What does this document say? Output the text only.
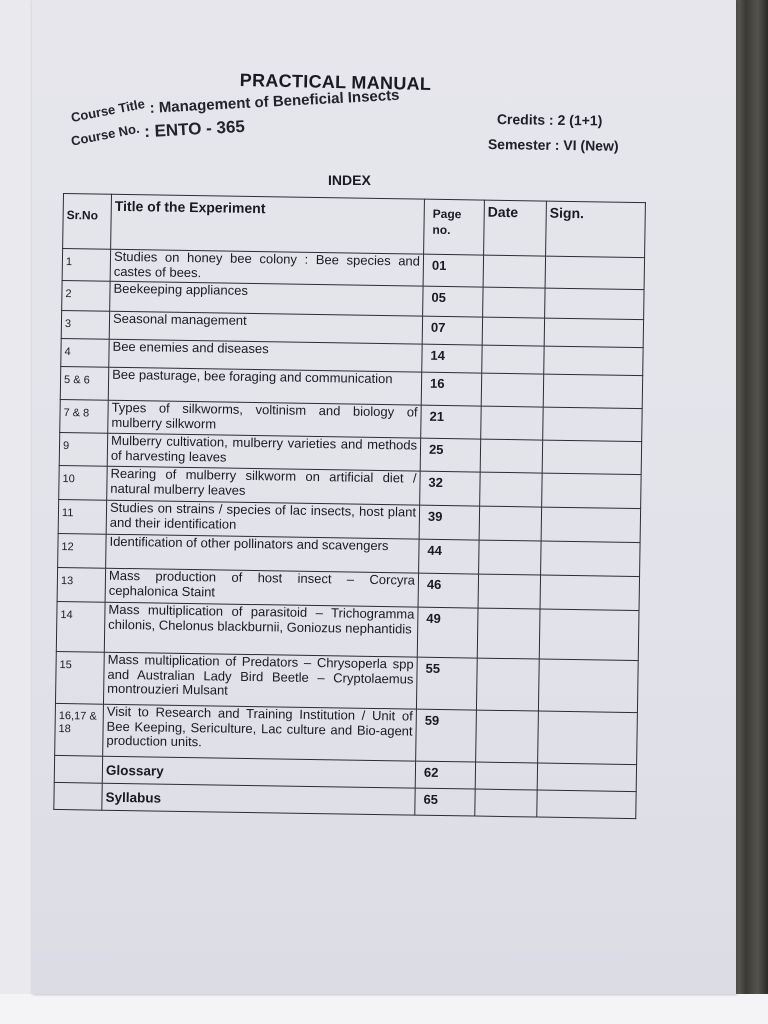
PRACTICAL MANUAL
Course Title : Management of Beneficial Insects
Course No. : ENTO - 365	Credits : 2 (1+1)
Semester : VI (New)
INDEX
Sr.No	Title of the Experiment	Page no.	Date	Sign.
1	Studies on honey bee colony : Bee species and castes of bees.	01		
2	Beekeeping appliances	05		
3	Seasonal management	07		
4	Bee enemies and diseases	14		
5 & 6	Bee pasturage, bee foraging and communication	16		
7 & 8	Types of silkworms, voltinism and biology of mulberry silkworm	21		
9	Mulberry cultivation, mulberry varieties and methods of harvesting leaves	25		
10	Rearing of mulberry silkworm on artificial diet / natural mulberry leaves	32		
11	Studies on strains / species of lac insects, host plant and their identification	39		
12	Identification of other pollinators and scavengers	44		
13	Mass production of host insect – Corcyra cephalonica Staint	46		
14	Mass multiplication of parasitoid – Trichogramma chilonis, Chelonus blackburnii, Goniozus nephantidis	49		
15	Mass multiplication of Predators – Chrysoperla spp and Australian Lady Bird Beetle – Cryptolaemus montrouzieri Mulsant	55		
16,17 & 18	Visit to Research and Training Institution / Unit of Bee Keeping, Sericulture, Lac culture and Bio-agent production units.	59		
	Glossary	62		
	Syllabus	65		
